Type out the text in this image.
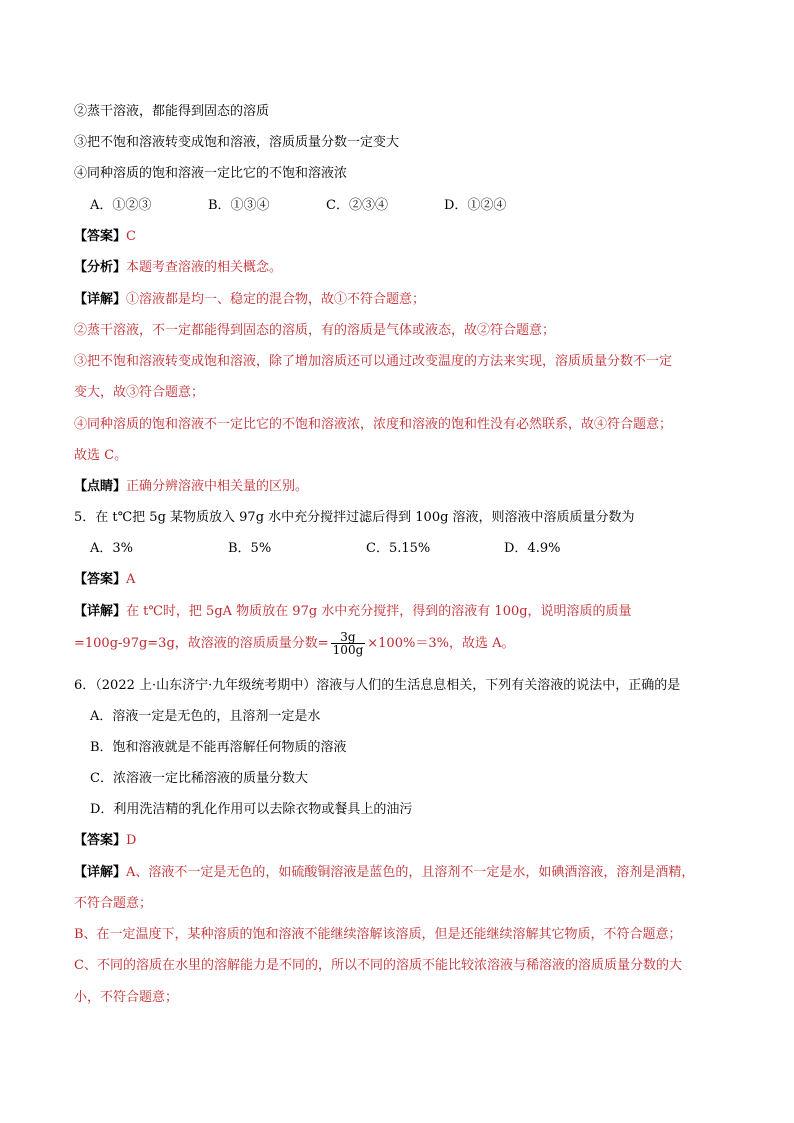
②蒸干溶液，都能得到固态的溶质
③把不饱和溶液转变成饱和溶液，溶质质量分数一定变大
④同种溶质的饱和溶液一定比它的不饱和溶液浓
A．①②③	B．①③④	C．②③④	D．①②④
【答案】C
【分析】本题考查溶液的相关概念。
【详解】①溶液都是均一、稳定的混合物，故①不符合题意；
②蒸干溶液，不一定都能得到固态的溶质，有的溶质是气体或液态，故②符合题意；
③把不饱和溶液转变成饱和溶液，除了增加溶质还可以通过改变温度的方法来实现，溶质质量分数不一定
变大，故③符合题意；
④同种溶质的饱和溶液不一定比它的不饱和溶液浓，浓度和溶液的饱和性没有必然联系，故④符合题意；
故选 C。
【点睛】正确分辨溶液中相关量的区别。
5．在 t℃把 5g 某物质放入 97g 水中充分搅拌过滤后得到 100g 溶液，则溶液中溶质质量分数为
A．3%	B．5%	C．5.15%	D．4.9%
【答案】A
【详解】在 t℃时，把 5gA 物质放在 97g 水中充分搅拌，得到的溶液有 100g，说明溶质的质量
=100g-97g=3g，故溶液的溶质质量分数= $\frac{3g}{100g} \times 100\%=3\%$，故选 A。
6．（2022 上·山东济宁·九年级统考期中）溶液与人们的生活息息相关，下列有关溶液的说法中，正确的是
A．溶液一定是无色的，且溶剂一定是水
B．饱和溶液就是不能再溶解任何物质的溶液
C．浓溶液一定比稀溶液的质量分数大
D．利用洗洁精的乳化作用可以去除衣物或餐具上的油污
【答案】D
【详解】A、溶液不一定是无色的，如硫酸铜溶液是蓝色的，且溶剂不一定是水，如碘酒溶液，溶剂是酒精，
不符合题意；
B、在一定温度下，某种溶质的饱和溶液不能继续溶解该溶质，但是还能继续溶解其它物质，不符合题意；
C、不同的溶质在水里的溶解能力是不同的，所以不同的溶质不能比较浓溶液与稀溶液的溶质质量分数的大
小，不符合题意；
